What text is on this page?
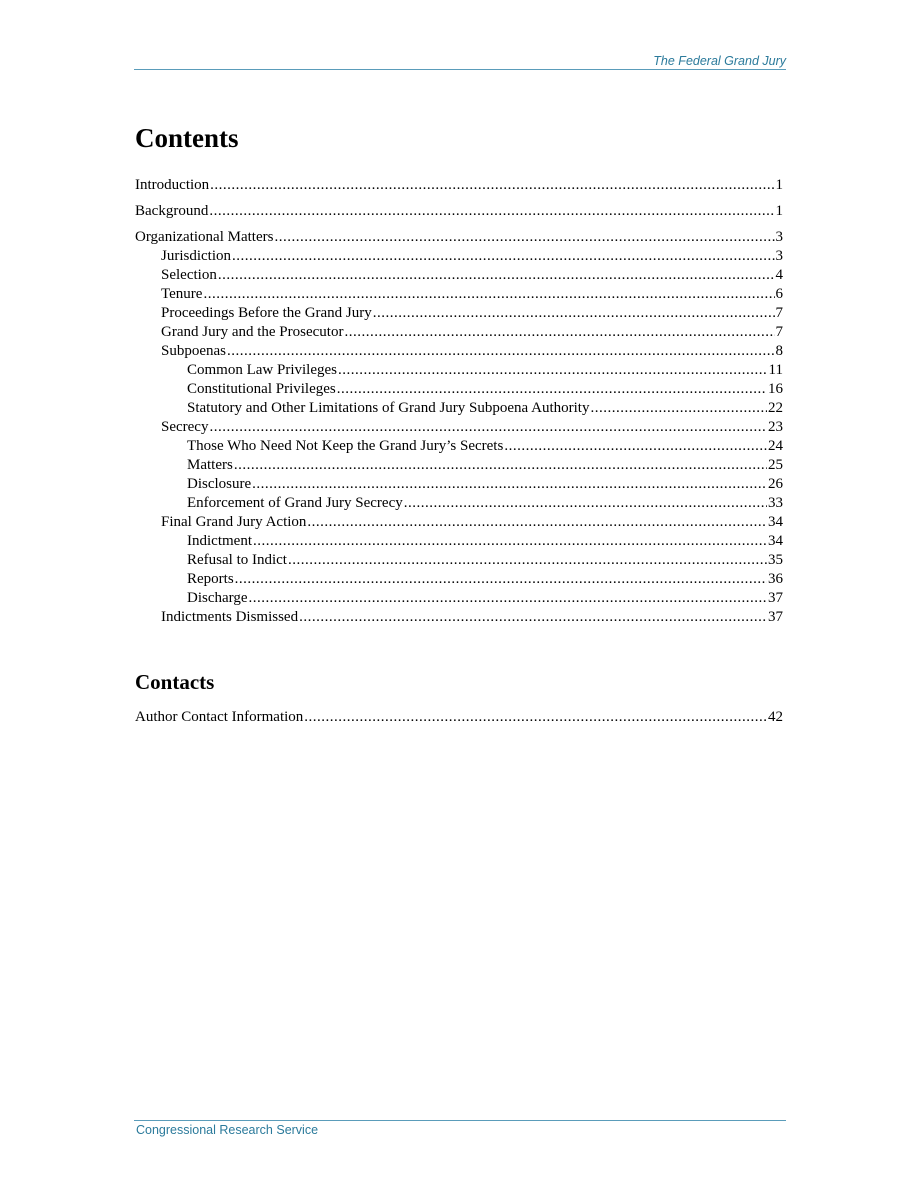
The Federal Grand Jury
Contents
Introduction .....	1
Background .....	1
Organizational Matters .....	3
Jurisdiction .....	3
Selection .....	4
Tenure .....	6
Proceedings Before the Grand Jury .....	7
Grand Jury and the Prosecutor .....	7
Subpoenas .....	8
Common Law Privileges .....	11
Constitutional Privileges .....	16
Statutory and Other Limitations of Grand Jury Subpoena Authority .....	22
Secrecy .....	23
Those Who Need Not Keep the Grand Jury’s Secrets .....	24
Matters .....	25
Disclosure .....	26
Enforcement of Grand Jury Secrecy .....	33
Final Grand Jury Action .....	34
Indictment .....	34
Refusal to Indict .....	35
Reports .....	36
Discharge .....	37
Indictments Dismissed .....	37
Contacts
Author Contact Information .....	42
Congressional Research Service
